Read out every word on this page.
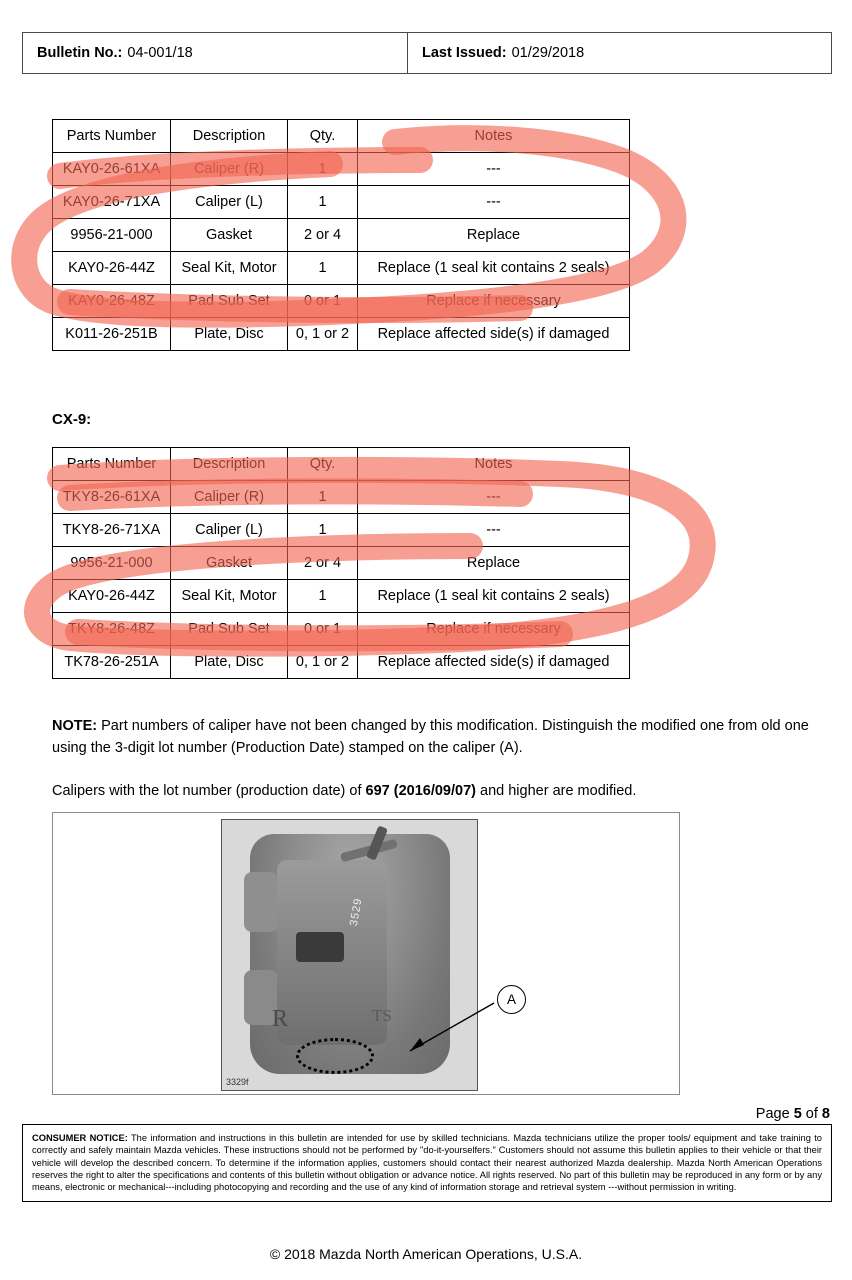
Bulletin No.: 04-001/18	Last Issued: 01/29/2018
Parts Number	Description	Qty.	Notes
KAY0-26-61XA	Caliper (R)	1	---
KAY0-26-71XA	Caliper (L)	1	---
9956-21-000	Gasket	2 or 4	Replace
KAY0-26-44Z	Seal Kit, Motor	1	Replace (1 seal kit contains 2 seals)
KAY0-26-48Z	Pad Sub Set	0 or 1	Replace if necessary
K011-26-251B	Plate, Disc	0, 1 or 2	Replace affected side(s) if damaged
CX-9:
Parts Number	Description	Qty.	Notes
TKY8-26-61XA	Caliper (R)	1	---
TKY8-26-71XA	Caliper (L)	1	---
9956-21-000	Gasket	2 or 4	Replace
KAY0-26-44Z	Seal Kit, Motor	1	Replace (1 seal kit contains 2 seals)
TKY8-26-48Z	Pad Sub Set	0 or 1	Replace if necessary
TK78-26-251A	Plate, Disc	0, 1 or 2	Replace affected side(s) if damaged
NOTE: Part numbers of caliper have not been changed by this modification. Distinguish the modified one from old one using the 3-digit lot number (Production Date) stamped on the caliper (A).
Calipers with the lot number (production date) of 697 (2016/09/07) and higher are modified.
3529
R	TS
3329f
A
Page 5 of 8
CONSUMER NOTICE: The information and instructions in this bulletin are intended for use by skilled technicians. Mazda technicians utilize the proper tools/ equipment and take training to correctly and safely maintain Mazda vehicles. These instructions should not be performed by "do-it-yourselfers." Customers should not assume this bulletin applies to their vehicle or that their vehicle will develop the described concern. To determine if the information applies, customers should contact their nearest authorized Mazda dealership. Mazda North American Operations reserves the right to alter the specifications and contents of this bulletin without obligation or advance notice. All rights reserved. No part of this bulletin may be reproduced in any form or by any means, electronic or mechanical---including photocopying and recording and the use of any kind of information storage and retrieval system ---without permission in writing.
© 2018 Mazda North American Operations, U.S.A.
